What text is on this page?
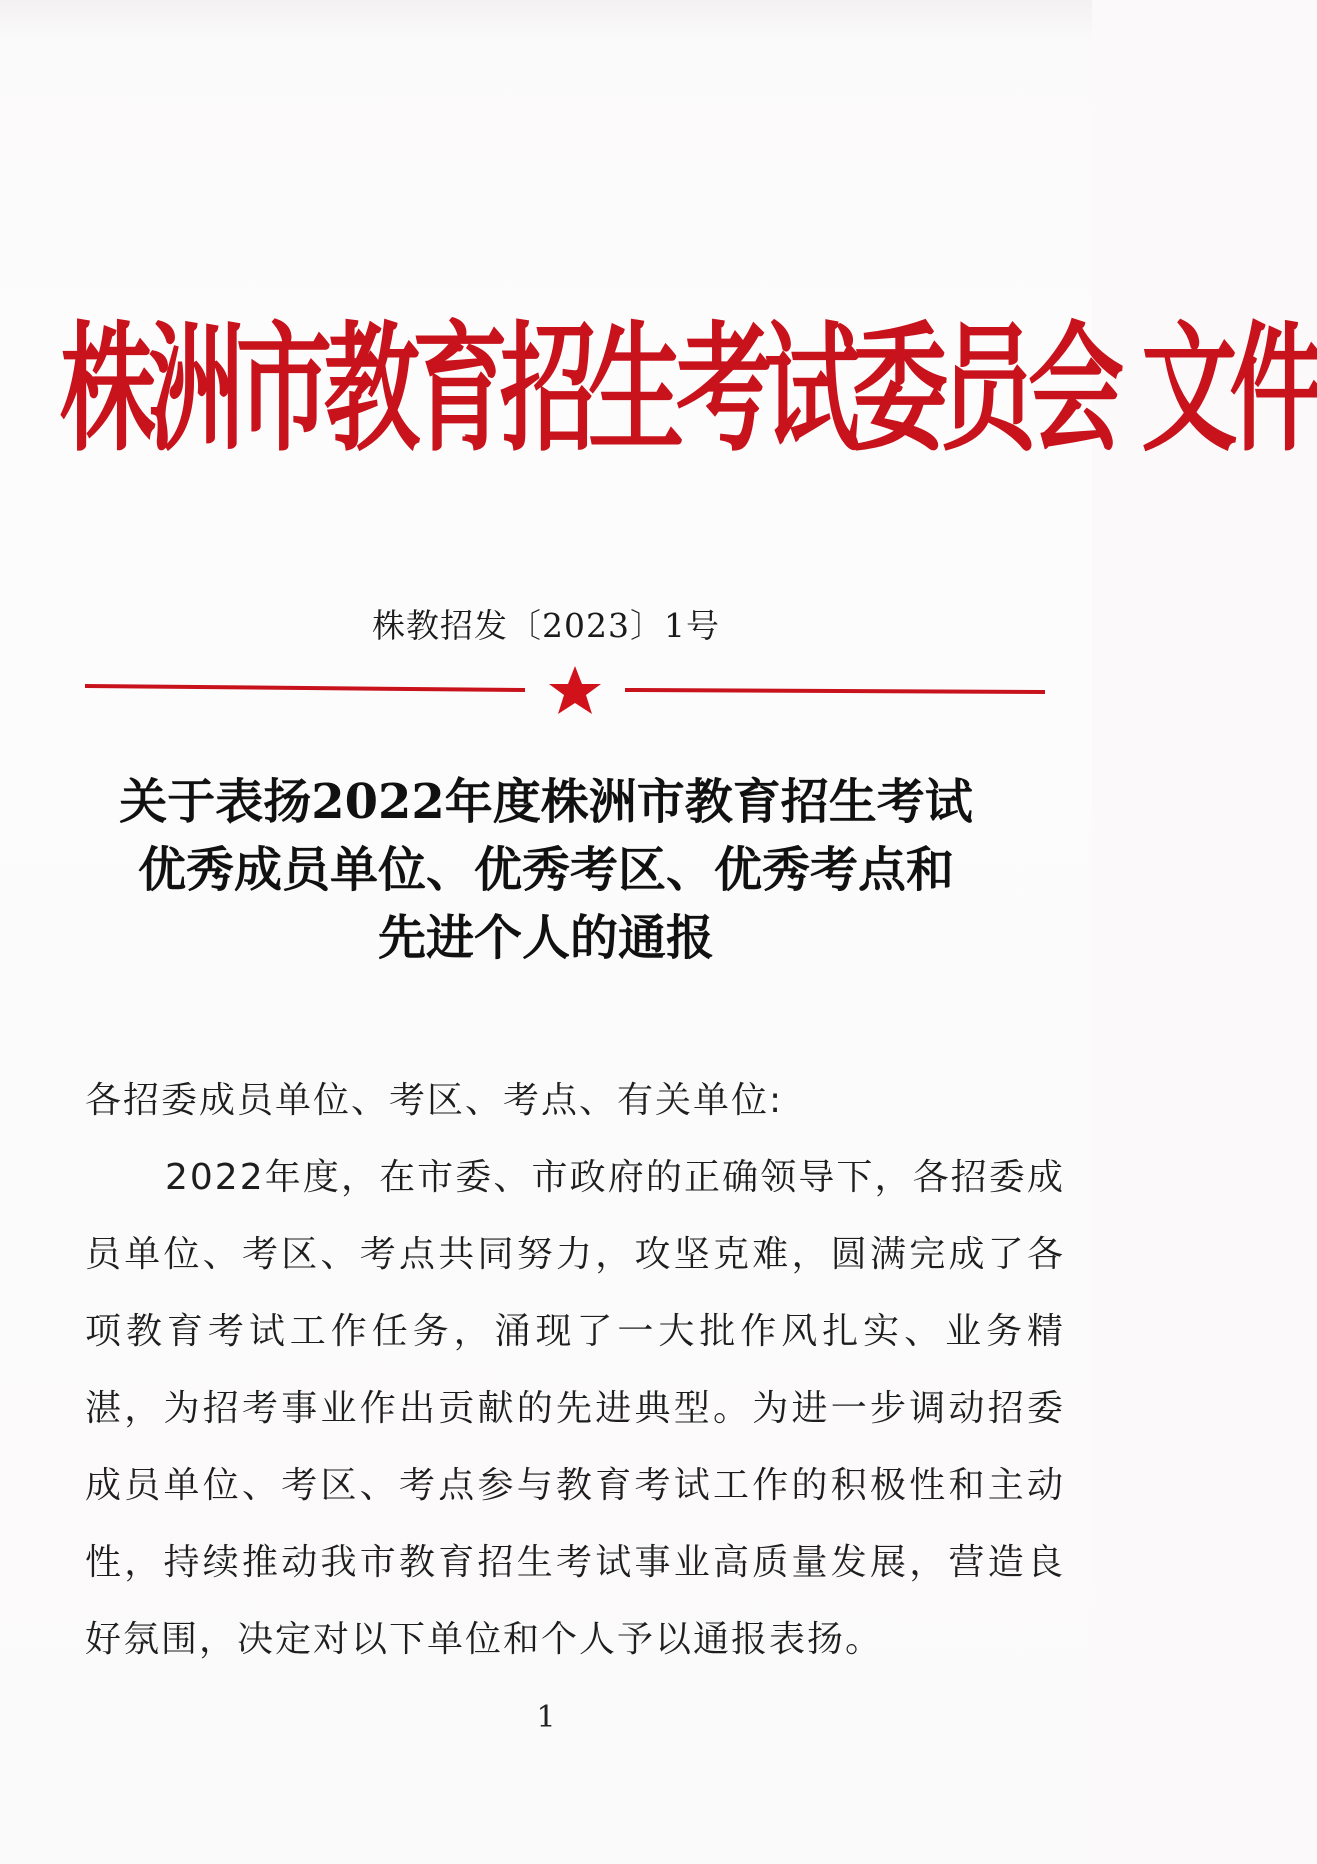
株洲市教育招生考试委员会 文件
株教招发〔2023〕1号
关于表扬2022年度株洲市教育招生考试
优秀成员单位、优秀考区、优秀考点和
先进个人的通报
各招委成员单位、考区、考点、有关单位:
2022年度，在市委、市政府的正确领导下，各招委成员单位、考区、考点共同努力，攻坚克难，圆满完成了各项教育考试工作任务，涌现了一大批作风扎实、业务精湛，为招考事业作出贡献的先进典型。为进一步调动招委成员单位、考区、考点参与教育考试工作的积极性和主动性，持续推动我市教育招生考试事业高质量发展，营造良好氛围，决定对以下单位和个人予以通报表扬。
1
